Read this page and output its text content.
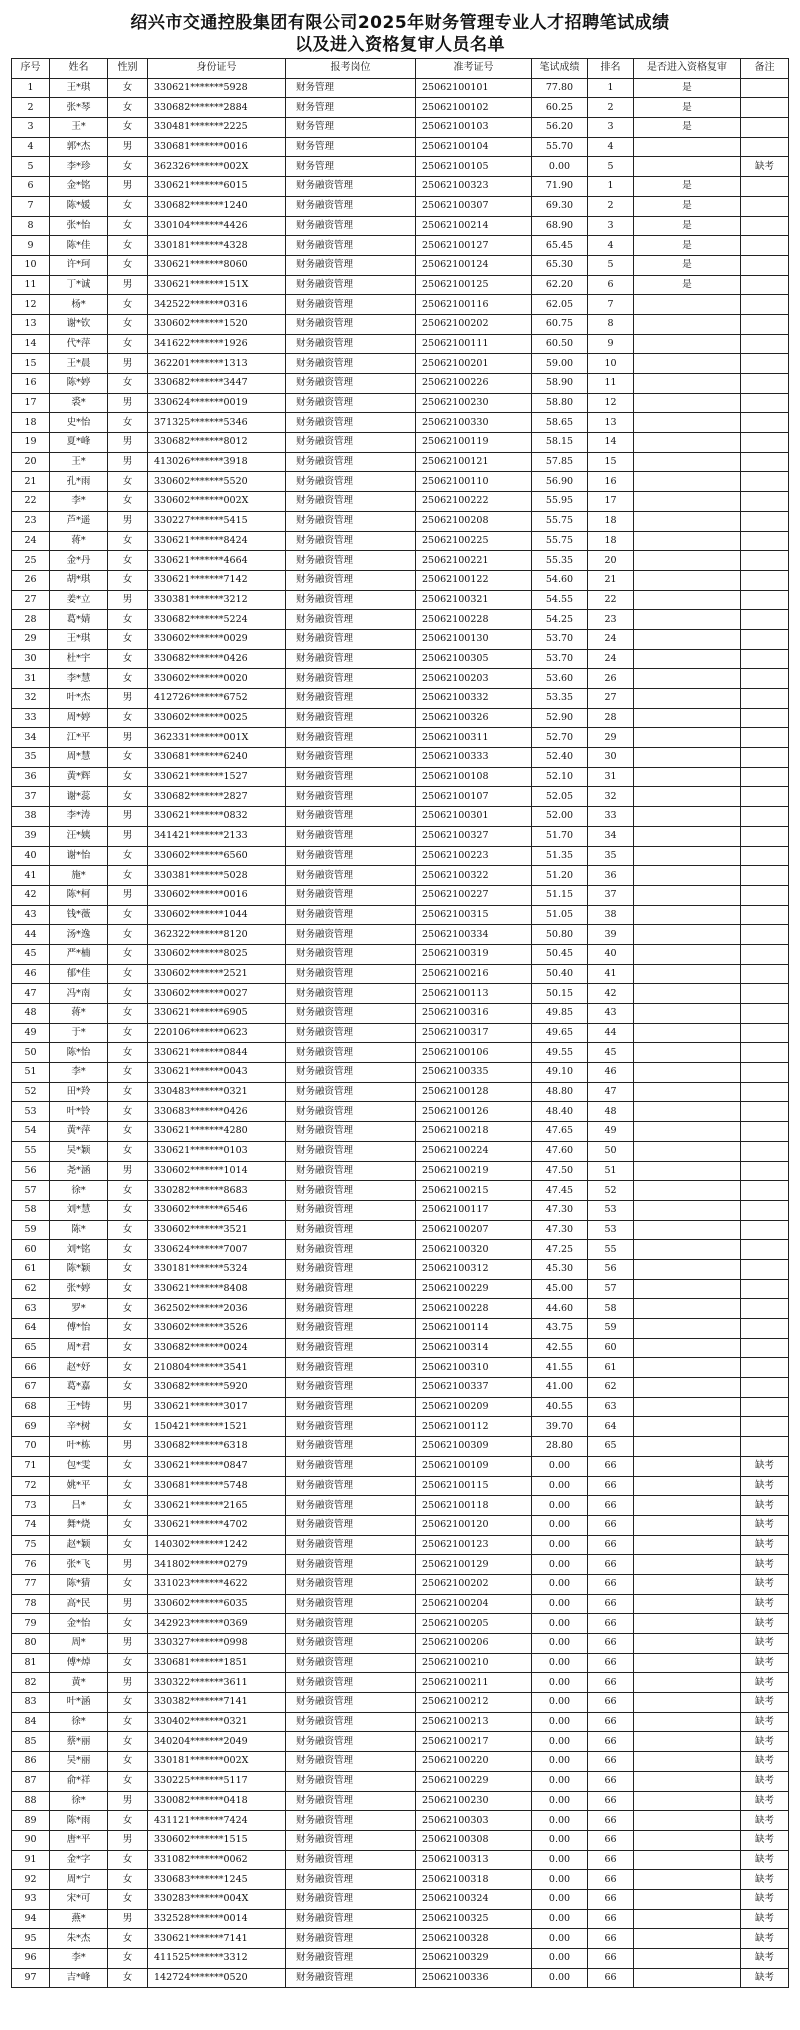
绍兴市交通控股集团有限公司2025年财务管理专业人才招聘笔试成绩
以及进入资格复审人员名单
序号	姓名	性别	身份证号	报考岗位	准考证号	笔试成绩	排名	是否进入资格复审	备注
1	王*琪	女	330621*******5928	财务管理	25062100101	77.80	1	是	
2	张*琴	女	330682*******2884	财务管理	25062100102	60.25	2	是	
3	王*	女	330481*******2225	财务管理	25062100103	56.20	3	是	
4	郭*杰	男	330681*******0016	财务管理	25062100104	55.70	4		
5	李*珍	女	362326*******002X	财务管理	25062100105	0.00	5		缺考
6	金*铭	男	330621*******6015	财务融资管理	25062100323	71.90	1	是	
7	陈*媛	女	330682*******1240	财务融资管理	25062100307	69.30	2	是	
8	张*怡	女	330104*******4426	财务融资管理	25062100214	68.90	3	是	
9	陈*佳	女	330181*******4328	财务融资管理	25062100127	65.45	4	是	
10	许*珂	女	330621*******8060	财务融资管理	25062100124	65.30	5	是	
11	丁*诚	男	330621*******151X	财务融资管理	25062100125	62.20	6	是	
12	杨*	女	342522*******0316	财务融资管理	25062100116	62.05	7		
13	谢*钦	女	330602*******1520	财务融资管理	25062100202	60.75	8		
14	代*萍	女	341622*******1926	财务融资管理	25062100111	60.50	9		
15	王*晨	男	362201*******1313	财务融资管理	25062100201	59.00	10		
16	陈*婷	女	330682*******3447	财务融资管理	25062100226	58.90	11		
17	裘*	男	330624*******0019	财务融资管理	25062100230	58.80	12		
18	史*怡	女	371325*******5346	财务融资管理	25062100330	58.65	13		
19	夏*峰	男	330682*******8012	财务融资管理	25062100119	58.15	14		
20	王*	男	413026*******3918	财务融资管理	25062100121	57.85	15		
21	孔*雨	女	330602*******5520	财务融资管理	25062100110	56.90	16		
22	李*	女	330602*******002X	财务融资管理	25062100222	55.95	17		
23	芦*遥	男	330227*******5415	财务融资管理	25062100208	55.75	18		
24	蒋*	女	330621*******8424	财务融资管理	25062100225	55.75	18		
25	金*丹	女	330621*******4664	财务融资管理	25062100221	55.35	20		
26	胡*琪	女	330621*******7142	财务融资管理	25062100122	54.60	21		
27	姜*立	男	330381*******3212	财务融资管理	25062100321	54.55	22		
28	葛*婧	女	330682*******5224	财务融资管理	25062100228	54.25	23		
29	王*琪	女	330602*******0029	财务融资管理	25062100130	53.70	24		
30	杜*宇	女	330682*******0426	财务融资管理	25062100305	53.70	24		
31	李*慧	女	330602*******0020	财务融资管理	25062100203	53.60	26		
32	叶*杰	男	412726*******6752	财务融资管理	25062100332	53.35	27		
33	周*婷	女	330602*******0025	财务融资管理	25062100326	52.90	28		
34	江*平	男	362331*******001X	财务融资管理	25062100311	52.70	29		
35	周*慧	女	330681*******6240	财务融资管理	25062100333	52.40	30		
36	黄*辉	女	330621*******1527	财务融资管理	25062100108	52.10	31		
37	谢*蕊	女	330682*******2827	财务融资管理	25062100107	52.05	32		
38	李*涛	男	330621*******0832	财务融资管理	25062100301	52.00	33		
39	汪*姨	男	341421*******2133	财务融资管理	25062100327	51.70	34		
40	谢*怡	女	330602*******6560	财务融资管理	25062100223	51.35	35		
41	施*	女	330381*******5028	财务融资管理	25062100322	51.20	36		
42	陈*柯	男	330602*******0016	财务融资管理	25062100227	51.15	37		
43	钱*薇	女	330602*******1044	财务融资管理	25062100315	51.05	38		
44	汤*逸	女	362322*******8120	财务融资管理	25062100334	50.80	39		
45	严*楠	女	330602*******8025	财务融资管理	25062100319	50.45	40		
46	郁*佳	女	330602*******2521	财务融资管理	25062100216	50.40	41		
47	冯*南	女	330602*******0027	财务融资管理	25062100113	50.15	42		
48	蒋*	女	330621*******6905	财务融资管理	25062100316	49.85	43		
49	于*	女	220106*******0623	财务融资管理	25062100317	49.65	44		
50	陈*怡	女	330621*******0844	财务融资管理	25062100106	49.55	45		
51	李*	女	330621*******0043	财务融资管理	25062100335	49.10	46		
52	田*羚	女	330483*******0321	财务融资管理	25062100128	48.80	47		
53	叶*铃	女	330683*******0426	财务融资管理	25062100126	48.40	48		
54	黄*萍	女	330621*******4280	财务融资管理	25062100218	47.65	49		
55	吴*颖	女	330621*******0103	财务融资管理	25062100224	47.60	50		
56	尧*涵	男	330602*******1014	财务融资管理	25062100219	47.50	51		
57	徐*	女	330282*******8683	财务融资管理	25062100215	47.45	52		
58	刘*慧	女	330602*******6546	财务融资管理	25062100117	47.30	53		
59	陈*	女	330602*******3521	财务融资管理	25062100207	47.30	53		
60	刘*铭	女	330624*******7007	财务融资管理	25062100320	47.25	55		
61	陈*颖	女	330181*******5324	财务融资管理	25062100312	45.30	56		
62	张*婷	女	330621*******8408	财务融资管理	25062100229	45.00	57		
63	罗*	女	362502*******2036	财务融资管理	25062100228	44.60	58		
64	傅*怡	女	330602*******3526	财务融资管理	25062100114	43.75	59		
65	周*君	女	330682*******0024	财务融资管理	25062100314	42.55	60		
66	赵*妤	女	210804*******3541	财务融资管理	25062100310	41.55	61		
67	葛*嘉	女	330682*******5920	财务融资管理	25062100337	41.00	62		
68	王*铸	男	330621*******3017	财务融资管理	25062100209	40.55	63		
69	辛*树	女	150421*******1521	财务融资管理	25062100112	39.70	64		
70	叶*栋	男	330682*******6318	财务融资管理	25062100309	28.80	65		
71	包*雯	女	330621*******0847	财务融资管理	25062100109	0.00	66		缺考
72	姚*平	女	330681*******5748	财务融资管理	25062100115	0.00	66		缺考
73	吕*	女	330621*******2165	财务融资管理	25062100118	0.00	66		缺考
74	舞*烧	女	330621*******4702	财务融资管理	25062100120	0.00	66		缺考
75	赵*颖	女	140302*******1242	财务融资管理	25062100123	0.00	66		缺考
76	张*飞	男	341802*******0279	财务融资管理	25062100129	0.00	66		缺考
77	陈*猜	女	331023*******4622	财务融资管理	25062100202	0.00	66		缺考
78	高*民	男	330602*******6035	财务融资管理	25062100204	0.00	66		缺考
79	金*怡	女	342923*******0369	财务融资管理	25062100205	0.00	66		缺考
80	周*	男	330327*******0998	财务融资管理	25062100206	0.00	66		缺考
81	傅*焯	女	330681*******1851	财务融资管理	25062100210	0.00	66		缺考
82	黄*	男	330322*******3611	财务融资管理	25062100211	0.00	66		缺考
83	叶*涵	女	330382*******7141	财务融资管理	25062100212	0.00	66		缺考
84	徐*	女	330402*******0321	财务融资管理	25062100213	0.00	66		缺考
85	蔡*丽	女	340204*******2049	财务融资管理	25062100217	0.00	66		缺考
86	吴*丽	女	330181*******002X	财务融资管理	25062100220	0.00	66		缺考
87	俞*祥	女	330225*******5117	财务融资管理	25062100229	0.00	66		缺考
88	徐*	男	330082*******0418	财务融资管理	25062100230	0.00	66		缺考
89	陈*雨	女	431121*******7424	财务融资管理	25062100303	0.00	66		缺考
90	唐*平	男	330602*******1515	财务融资管理	25062100308	0.00	66		缺考
91	金*字	女	331082*******0062	财务融资管理	25062100313	0.00	66		缺考
92	周*宁	女	330683*******1245	财务融资管理	25062100318	0.00	66		缺考
93	宋*可	女	330283*******004X	财务融资管理	25062100324	0.00	66		缺考
94	燕*	男	332528*******0014	财务融资管理	25062100325	0.00	66		缺考
95	朱*杰	女	330621*******7141	财务融资管理	25062100328	0.00	66		缺考
96	李*	女	411525*******3312	财务融资管理	25062100329	0.00	66		缺考
97	吉*峰	女	142724*******0520	财务融资管理	25062100336	0.00	66		缺考
